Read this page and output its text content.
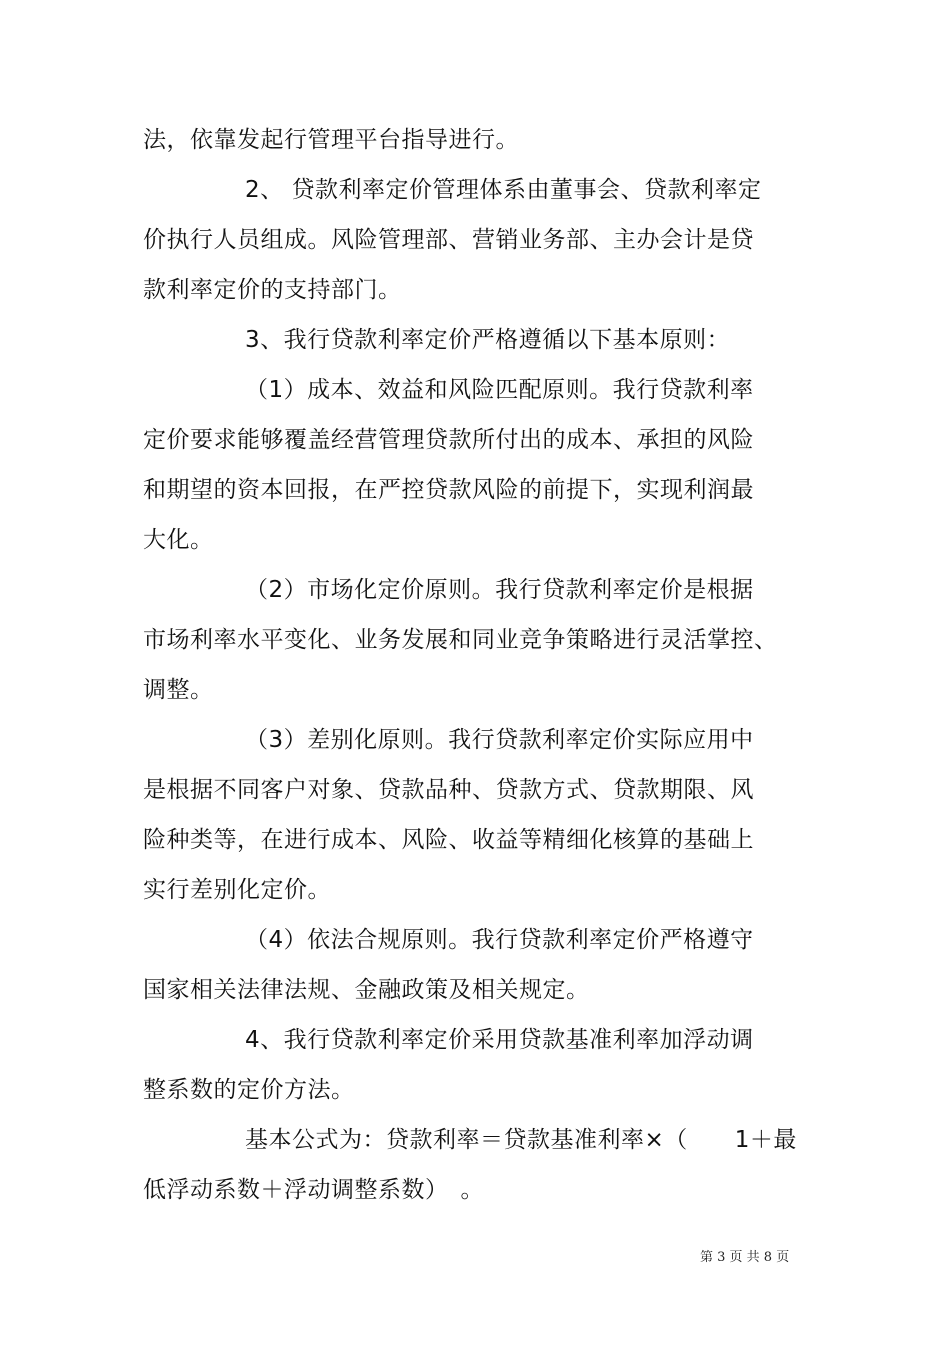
法，依靠发起行管理平台指导进行。
2、 贷款利率定价管理体系由董事会、贷款利率定
价执行人员组成。风险管理部、营销业务部、主办会计是贷
款利率定价的支持部门。
3、我行贷款利率定价严格遵循以下基本原则：
（1）成本、效益和风险匹配原则。我行贷款利率
定价要求能够覆盖经营管理贷款所付出的成本、承担的风险
和期望的资本回报，在严控贷款风险的前提下，实现利润最
大化。
（2）市场化定价原则。我行贷款利率定价是根据
市场利率水平变化、业务发展和同业竞争策略进行灵活掌控、
调整。
（3）差别化原则。我行贷款利率定价实际应用中
是根据不同客户对象、贷款品种、贷款方式、贷款期限、风
险种类等，在进行成本、风险、收益等精细化核算的基础上
实行差别化定价。
（4）依法合规原则。我行贷款利率定价严格遵守
国家相关法律法规、金融政策及相关规定。
4、我行贷款利率定价采用贷款基准利率加浮动调
整系数的定价方法。
基本公式为：贷款利率＝贷款基准利率×（　　1＋最
低浮动系数＋浮动调整系数）　。
第 3 页 共 8 页
